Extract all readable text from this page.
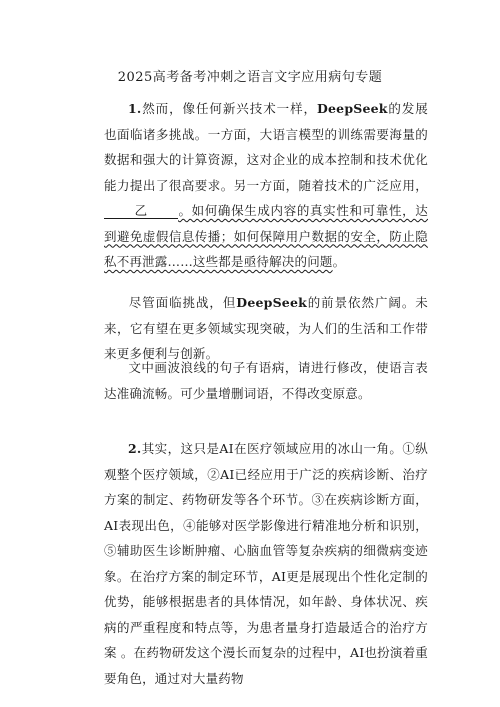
2025高考备考冲刺之语言文字应用病句专题
1.然而，像任何新兴技术一样，DeepSeek的发展也面临诸多挑战。一方面，大语言模型的训练需要海量的数据和强大的计算资源，这对企业的成本控制和技术优化能力提出了很高要求。另一方面，随着技术的广泛应用，乙 。如何确保生成内容的真实性和可靠性，达到避免虚假信息传播；如何保障用户数据的安全，防止隐私不再泄露……这些都是亟待解决的问题。
尽管面临挑战，但DeepSeek的前景依然广阔。未来，它有望在更多领域实现突破，为人们的生活和工作带来更多便利与创新。
文中画波浪线的句子有语病，请进行修改，使语言表达准确流畅。可少量增删词语，不得改变原意。
2.其实，这只是AI在医疗领域应用的冰山一角。①纵观整个医疗领域，②AI已经应用于广泛的疾病诊断、治疗方案的制定、药物研发等各个环节。③在疾病诊断方面，AI表现出色，④能够对医学影像进行精准地分析和识别，⑤辅助医生诊断肿瘤、心脑血管等复杂疾病的细微病变迹象。在治疗方案的制定环节，AI更是展现出个性化定制的优势，能够根据患者的具体情况，如年龄、身体状况、疾病的严重程度和特点等，为患者量身打造最适合的治疗方案 。在药物研发这个漫长而复杂的过程中，AI也扮演着重要角色，通过对大量药物
